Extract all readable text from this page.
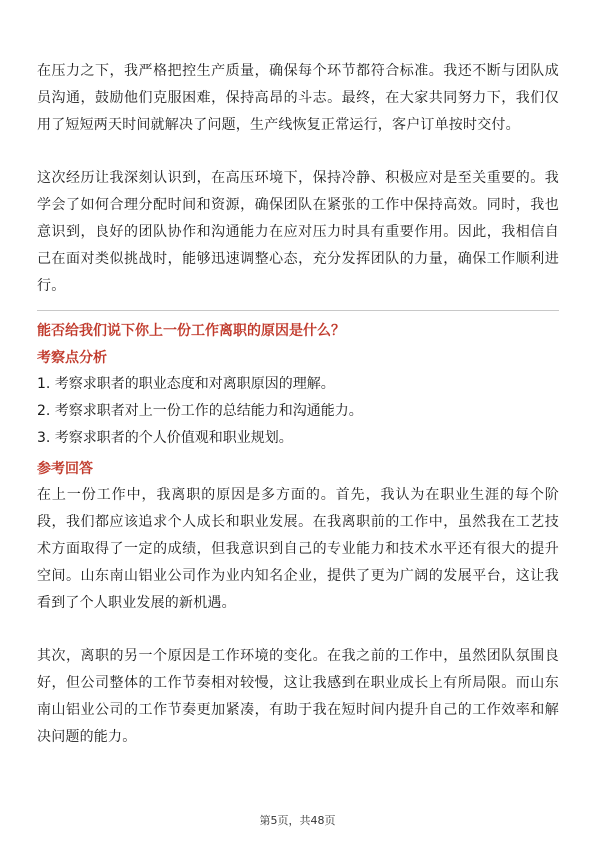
在压力之下，我严格把控生产质量，确保每个环节都符合标准。我还不断与团队成员沟通，鼓励他们克服困难，保持高昂的斗志。最终，在大家共同努力下，我们仅用了短短两天时间就解决了问题，生产线恢复正常运行，客户订单按时交付。

这次经历让我深刻认识到，在高压环境下，保持冷静、积极应对是至关重要的。我学会了如何合理分配时间和资源，确保团队在紧张的工作中保持高效。同时，我也意识到，良好的团队协作和沟通能力在应对压力时具有重要作用。因此，我相信自己在面对类似挑战时，能够迅速调整心态，充分发挥团队的力量，确保工作顺利进行。

能否给我们说下你上一份工作离职的原因是什么？

考察点分析

1. 考察求职者的职业态度和对离职原因的理解。

2. 考察求职者对上一份工作的总结能力和沟通能力。

3. 考察求职者的个人价值观和职业规划。

参考回答

在上一份工作中，我离职的原因是多方面的。首先，我认为在职业生涯的每个阶段，我们都应该追求个人成长和职业发展。在我离职前的工作中，虽然我在工艺技术方面取得了一定的成绩，但我意识到自己的专业能力和技术水平还有很大的提升空间。山东南山铝业公司作为业内知名企业，提供了更为广阔的发展平台，这让我看到了个人职业发展的新机遇。

其次，离职的另一个原因是工作环境的变化。在我之前的工作中，虽然团队氛围良好，但公司整体的工作节奏相对较慢，这让我感到在职业成长上有所局限。而山东南山铝业公司的工作节奏更加紧凑，有助于我在短时间内提升自己的工作效率和解决问题的能力。

第5页，共48页
